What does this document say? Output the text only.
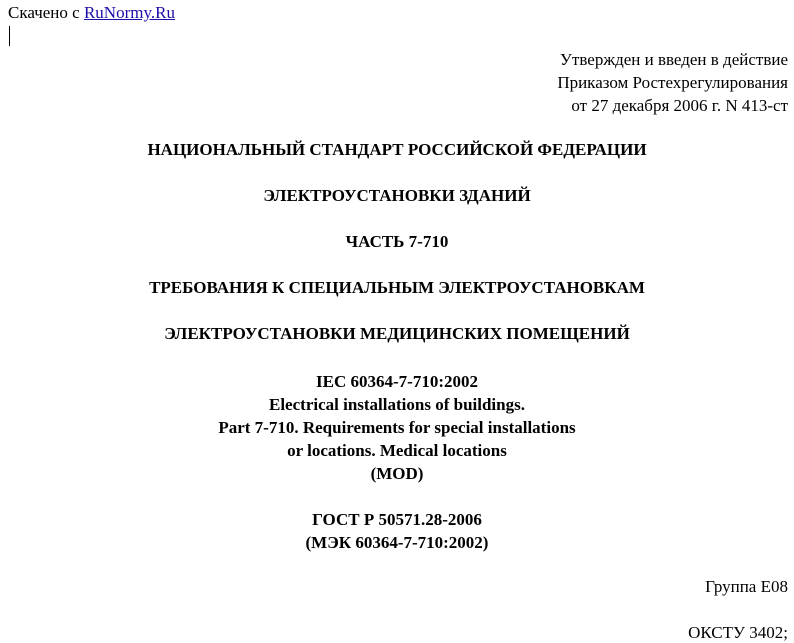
Скачено с RuNormy.Ru
Утвержден и введен в действие
Приказом Ростехрегулирования
от 27 декабря 2006 г. N 413-ст
НАЦИОНАЛЬНЫЙ СТАНДАРТ РОССИЙСКОЙ ФЕДЕРАЦИИ
ЭЛЕКТРОУСТАНОВКИ ЗДАНИЙ
ЧАСТЬ 7-710
ТРЕБОВАНИЯ К СПЕЦИАЛЬНЫМ ЭЛЕКТРОУСТАНОВКАМ
ЭЛЕКТРОУСТАНОВКИ МЕДИЦИНСКИХ ПОМЕЩЕНИЙ
IEC 60364-7-710:2002
Electrical installations of buildings.
Part 7-710. Requirements for special installations
or locations. Medical locations
(MOD)
ГОСТ Р 50571.28-2006
(МЭК 60364-7-710:2002)
Группа Е08
ОКСТУ 3402;
